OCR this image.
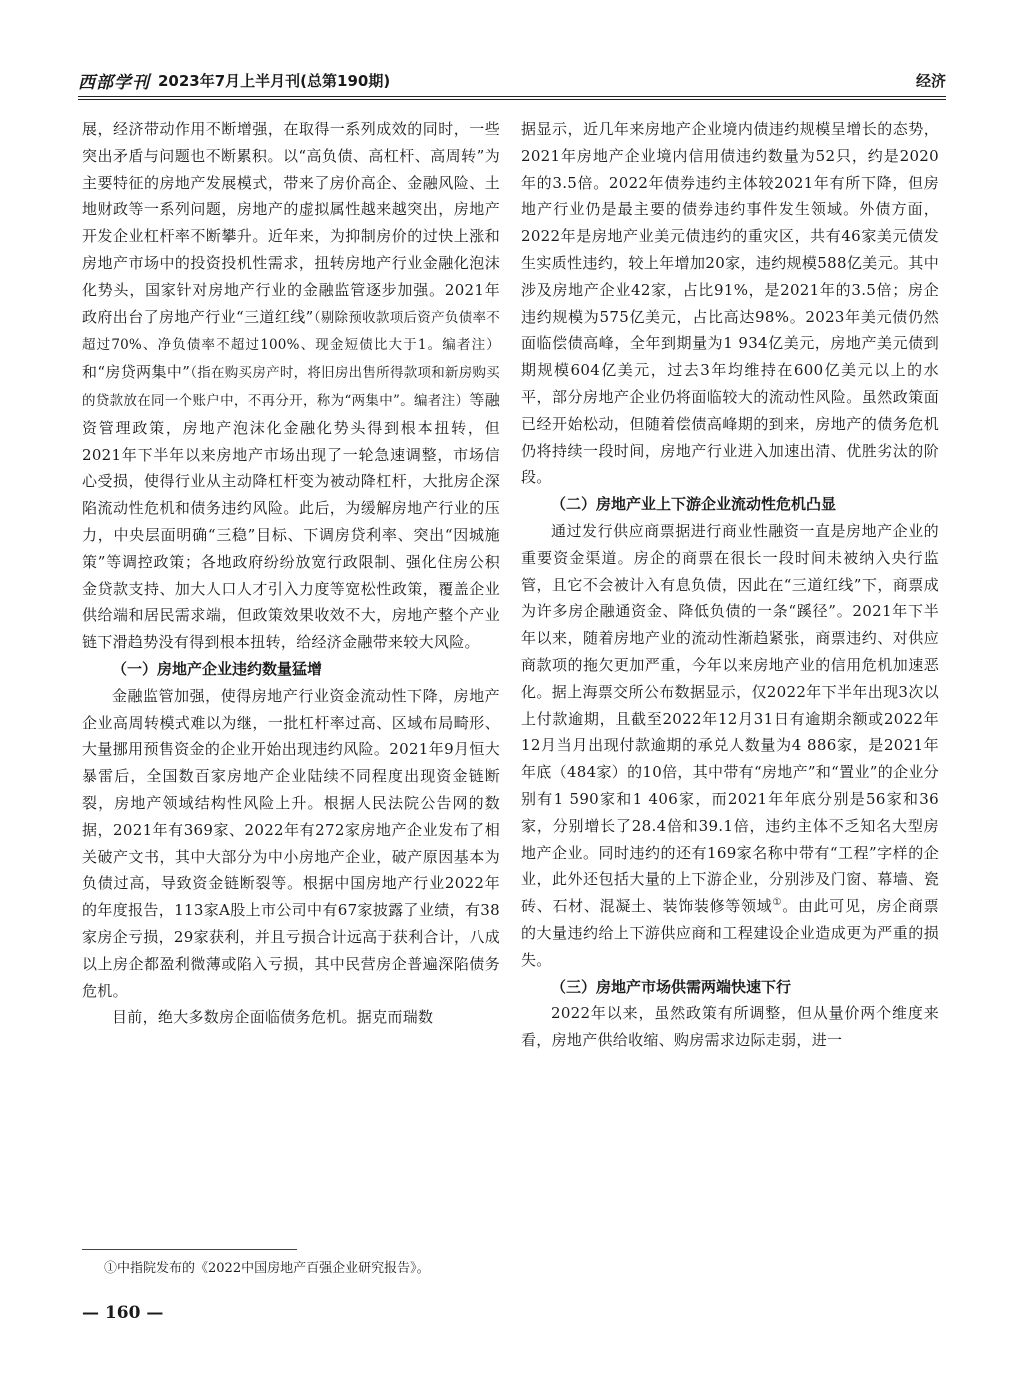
西部学刊 2023年7月上半月刊(总第190期)	经济

展，经济带动作用不断增强，在取得一系列成效的同时，一些突出矛盾与问题也不断累积。以“高负债、高杠杆、高周转”为主要特征的房地产发展模式，带来了房价高企、金融风险、土地财政等一系列问题，房地产的虚拟属性越来越突出，房地产开发企业杠杆率不断攀升。近年来，为抑制房价的过快上涨和房地产市场中的投资投机性需求，扭转房地产行业金融化泡沫化势头，国家针对房地产行业的金融监管逐步加强。2021年政府出台了房地产行业“三道红线”（剔除预收款项后资产负债率不超过70%、净负债率不超过100%、现金短债比大于1。编者注）和“房贷两集中”（指在购买房产时，将旧房出售所得款项和新房购买的贷款放在同一个账户中，不再分开，称为“两集中”。编者注）等融资管理政策，房地产泡沫化金融化势头得到根本扭转，但2021年下半年以来房地产市场出现了一轮急速调整，市场信心受损，使得行业从主动降杠杆变为被动降杠杆，大批房企深陷流动性危机和债务违约风险。此后，为缓解房地产行业的压力，中央层面明确“三稳”目标、下调房贷利率、突出“因城施策”等调控政策；各地政府纷纷放宽行政限制、强化住房公积金贷款支持、加大人口人才引入力度等宽松性政策，覆盖企业供给端和居民需求端，但政策效果收效不大，房地产整个产业链下滑趋势没有得到根本扭转，给经济金融带来较大风险。

（一）房地产企业违约数量猛增

金融监管加强，使得房地产行业资金流动性下降，房地产企业高周转模式难以为继，一批杠杆率过高、区域布局畸形、大量挪用预售资金的企业开始出现违约风险。2021年9月恒大暴雷后，全国数百家房地产企业陆续不同程度出现资金链断裂，房地产领域结构性风险上升。根据人民法院公告网的数据，2021年有369家、2022年有272家房地产企业发布了相关破产文书，其中大部分为中小房地产企业，破产原因基本为负债过高，导致资金链断裂等。根据中国房地产行业2022年的年度报告，113家A股上市公司中有67家披露了业绩，有38家房企亏损，29家获利，并且亏损合计远高于获利合计，八成以上房企都盈利微薄或陷入亏损，其中民营房企普遍深陷债务危机。

目前，绝大多数房企面临债务危机。据克而瑞数

据显示，近几年来房地产企业境内债违约规模呈增长的态势，2021年房地产企业境内信用债违约数量为52只，约是2020年的3.5倍。2022年债券违约主体较2021年有所下降，但房地产行业仍是最主要的债券违约事件发生领域。外债方面，2022年是房地产业美元债违约的重灾区，共有46家美元债发生实质性违约，较上年增加20家，违约规模588亿美元。其中涉及房地产企业42家，占比91%，是2021年的3.5倍；房企违约规模为575亿美元，占比高达98%。2023年美元债仍然面临偿债高峰，全年到期量为1 934亿美元，房地产美元债到期规模604亿美元，过去3年均维持在600亿美元以上的水平，部分房地产企业仍将面临较大的流动性风险。虽然政策面已经开始松动，但随着偿债高峰期的到来，房地产的债务危机仍将持续一段时间，房地产行业进入加速出清、优胜劣汰的阶段。

（二）房地产业上下游企业流动性危机凸显

通过发行供应商票据进行商业性融资一直是房地产企业的重要资金渠道。房企的商票在很长一段时间未被纳入央行监管，且它不会被计入有息负债，因此在“三道红线”下，商票成为许多房企融通资金、降低负债的一条“蹊径”。2021年下半年以来，随着房地产业的流动性渐趋紧张，商票违约、对供应商款项的拖欠更加严重，今年以来房地产业的信用危机加速恶化。据上海票交所公布数据显示，仅2022年下半年出现3次以上付款逾期，且截至2022年12月31日有逾期余额或2022年12月当月出现付款逾期的承兑人数量为4 886家，是2021年年底（484家）的10倍，其中带有“房地产”和“置业”的企业分别有1 590家和1 406家，而2021年年底分别是56家和36家，分别增长了28.4倍和39.1倍，违约主体不乏知名大型房地产企业。同时违约的还有169家名称中带有“工程”字样的企业，此外还包括大量的上下游企业，分别涉及门窗、幕墙、瓷砖、石材、混凝土、装饰装修等领域①。由此可见，房企商票的大量违约给上下游供应商和工程建设企业造成更为严重的损失。

（三）房地产市场供需两端快速下行

2022年以来，虽然政策有所调整，但从量价两个维度来看，房地产供给收缩、购房需求边际走弱，进一

①中指院发布的《2022中国房地产百强企业研究报告》。
— 160 —
